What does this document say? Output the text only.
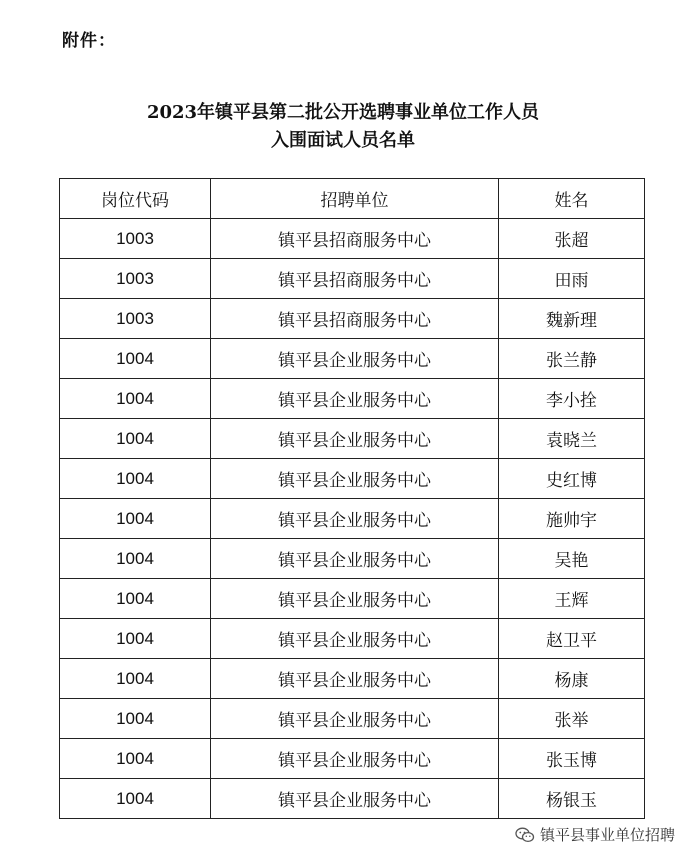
附件：
2023年镇平县第二批公开选聘事业单位工作人员
入围面试人员名单
岗位代码	招聘单位	姓名
1003	镇平县招商服务中心	张超
1003	镇平县招商服务中心	田雨
1003	镇平县招商服务中心	魏新理
1004	镇平县企业服务中心	张兰静
1004	镇平县企业服务中心	李小拴
1004	镇平县企业服务中心	袁晓兰
1004	镇平县企业服务中心	史红博
1004	镇平县企业服务中心	施帅宇
1004	镇平县企业服务中心	吴艳
1004	镇平县企业服务中心	王辉
1004	镇平县企业服务中心	赵卫平
1004	镇平县企业服务中心	杨康
1004	镇平县企业服务中心	张举
1004	镇平县企业服务中心	张玉博
1004	镇平县企业服务中心	杨银玉
镇平县事业单位招聘
